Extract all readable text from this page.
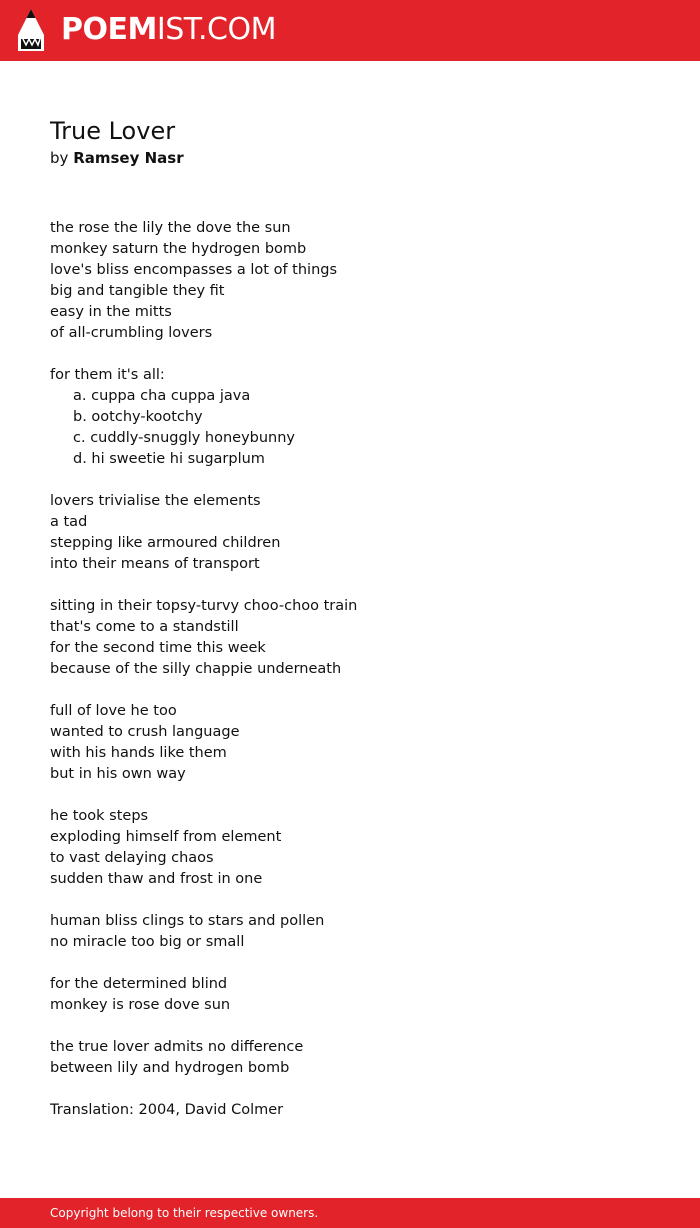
POEMIST.COM
True Lover
by Ramsey Nasr
the rose the lily the dove the sun
monkey saturn the hydrogen bomb
love's bliss encompasses a lot of things
big and tangible they fit
easy in the mitts
of all-crumbling lovers
for them it's all:
a. cuppa cha cuppa java
b. ootchy-kootchy
c. cuddly-snuggly honeybunny
d. hi sweetie hi sugarplum
lovers trivialise the elements
a tad
stepping like armoured children
into their means of transport
sitting in their topsy-turvy choo-choo train
that's come to a standstill
for the second time this week
because of the silly chappie underneath
full of love he too
wanted to crush language
with his hands like them
but in his own way
he took steps
exploding himself from element
to vast delaying chaos
sudden thaw and frost in one
human bliss clings to stars and pollen
no miracle too big or small
for the determined blind
monkey is rose dove sun
the true lover admits no difference
between lily and hydrogen bomb
Translation: 2004, David Colmer
Copyright belong to their respective owners.
